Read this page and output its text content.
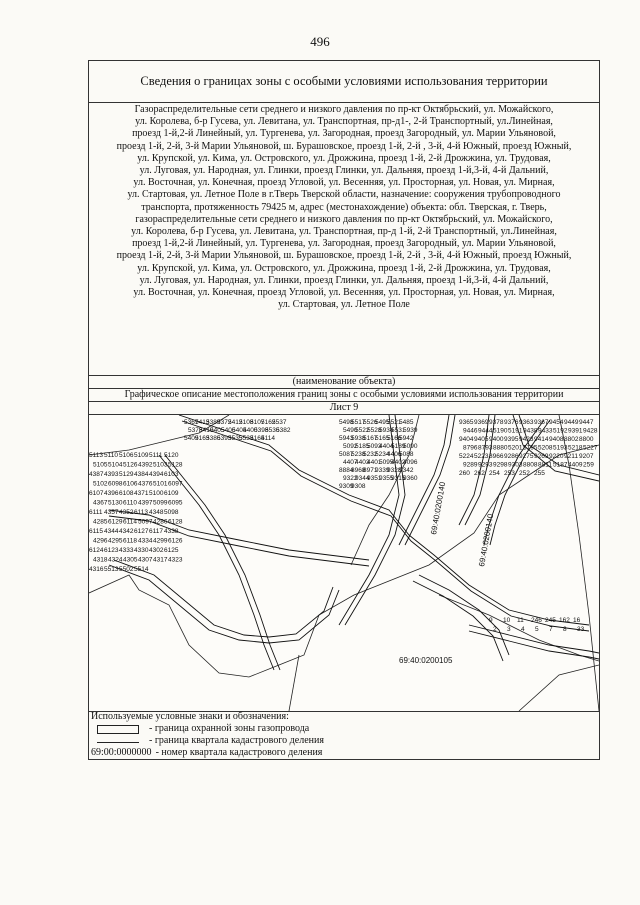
496
Сведения о границах зоны с особыми условиями использования территории

Газораспределительные сети среднего и низкого давления по пр-кт Октябрьский, ул. Можайского,

ул. Королева, б-р Гусева, ул. Левитана, ул. Транспортная, пр-д1-, 2-й Транспортный, ул.Линейная,

проезд 1-й,2-й Линейный, ул. Тургенева, ул. Загородная, проезд Загородный, ул. Марии Ульяновой,

проезд 1-й, 2-й, 3-й Марии Ульяновой, ш. Бурашовское, проезд 1-й, 2-й , 3-й, 4-й Южный, проезд Южный,

ул. Крупской, ул. Кима, ул. Островского, ул. Дрожжина, проезд 1-й, 2-й Дрожжина, ул. Трудовая,

ул. Луговая, ул. Народная, ул. Глинки, проезд Глинки, ул. Дальняя, проезд 1-й,3-й, 4-й Дальний,

ул. Восточная, ул. Конечная, проезд Угловой, ул. Весенняя, ул. Просторная, ул. Новая, ул. Мирная,

ул. Стартовая, ул. Летное Поле в г.Тверь Тверской области, назначение: сооружения трубопроводного

транспорта, протяженность 79425 м, адрес (местонахождение) объекта: обл. Тверская, г. Тверь,

газораспределительные сети среднего и низкого давления по пр-кт Октябрьский, ул. Можайского,

ул. Королева, б-р Гусева, ул. Левитана, ул. Транспортная, пр-д 1-й, 2-й Транспортный, ул.Линейная,

проезд 1-й,2-й Линейный, ул. Тургенева, ул. Загородная, проезд Загородный, ул. Марии Ульяновой,

проезд 1-й, 2-й, 3-й Марии Ульяновой, ш. Бурашовское, проезд 1-й, 2-й , 3-й, 4-й Южный, проезд Южный,

ул. Крупской, ул. Кима, ул. Островского, ул. Дрожжина, проезд 1-й, 2-й Дрожжина, ул. Трудовая,

ул. Луговая, ул. Народная, ул. Глинки, проезд Глинки, ул. Дальняя, проезд 1-й,3-й, 4-й Дальний,

ул. Восточная, ул. Конечная, проезд Угловой, ул. Весенняя, ул. Просторная, ул. Новая, ул. Мирная,

ул. Стартовая, ул. Летное Поле

(наименование объекта)
Графическое описание местоположения границ зоны с особыми условиями использования территории
Лист 9
5367
5413
5389
5372
5412
5108
5107
5162
5537
5378
5410
5405
5406
5404
5400
5398
5536
5382
5409
5163
5386
5393
5535
5533
5164
5114
5113 5110 5106 5109 5111 5120
5105 5104 5126 4392 5103 5128
4387 4393 5129 4384 4394 6103
5102 6098 6106 4376 5101 6097
6107 4396 6108 4371 5100 6109
4367 5130 6110 4397 5099 6095
6111 4357 4352 6113 4348 5098
4285 6129 6114 5097 4286 6128
6115 4344 4342 6127 6117 4338
4296 4295 6118 4334 4299 6126
6124 6123 4333 4330 4302 6125
4318 4324 4305 4307 4317 4323
4316 5513 5502 5514
5498
5517
5526
5495
5521
5485
5490
5522
5528
5934
5531
5939
5943
5938
5167
5165
5166
5942
5092
5185
5093
4404
5189
5090
5087
5238
5232
5234
4406
5088
4407
4403
4401
5095
4402
4096
8884
8968
8971
9339
9328
9342
9322
9344
9351
9355
9315
9360
9309
9308
9365 9369 9378 9376 9363 9367 9454 9449 9447
9446 9444 5190 5191 9438 9433 5192 9391 9428
9404 9405 9400 9395 9423 9414 9408 8802 8800
8796 8793 8880 5201 5195 5208 5193 5218 5227
5224 5223 8966 9286 9275 9269 9220 9211 9207
9289 9293 9298 9303 8808 8811 5187 4409 259
260 262 254 253 252 255
9 10 11 246 245 162 16
2 3 4 5 7 8 33
69:40:0200105
69:40:0200140
69:40:0200140
Используемые условные знаки и обозначения:
- граница охранной зоны газопровода
- граница квартала кадастрового деления
69:00:0000000 - номер квартала кадастрового деления
